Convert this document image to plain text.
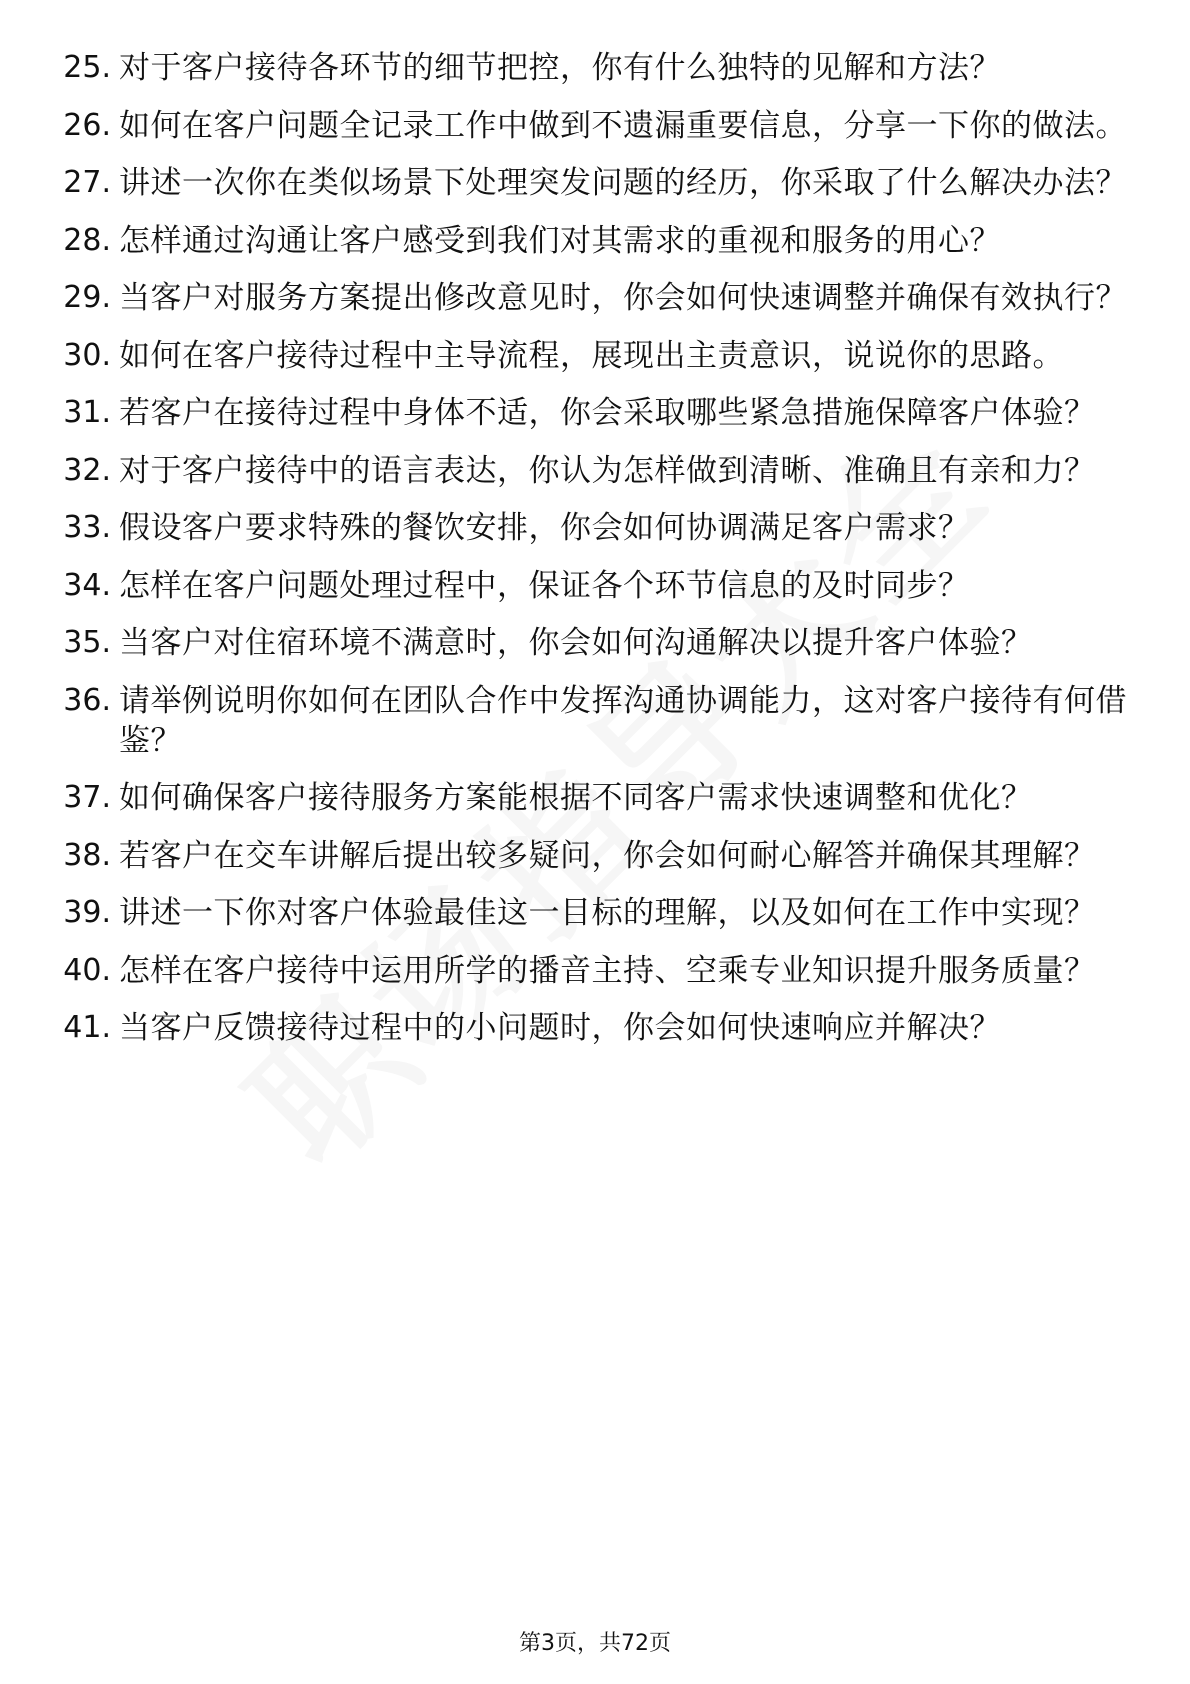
25. 对于客户接待各环节的细节把控，你有什么独特的见解和方法？
26. 如何在客户问题全记录工作中做到不遗漏重要信息，分享一下你的做法。
27. 讲述一次你在类似场景下处理突发问题的经历，你采取了什么解决办法？
28. 怎样通过沟通让客户感受到我们对其需求的重视和服务的用心？
29. 当客户对服务方案提出修改意见时，你会如何快速调整并确保有效执行？
30. 如何在客户接待过程中主导流程，展现出主责意识，说说你的思路。
31. 若客户在接待过程中身体不适，你会采取哪些紧急措施保障客户体验？
32. 对于客户接待中的语言表达，你认为怎样做到清晰、准确且有亲和力？
33. 假设客户要求特殊的餐饮安排，你会如何协调满足客户需求？
34. 怎样在客户问题处理过程中，保证各个环节信息的及时同步？
35. 当客户对住宿环境不满意时，你会如何沟通解决以提升客户体验？
36. 请举例说明你如何在团队合作中发挥沟通协调能力，这对客户接待有何借鉴？
37. 如何确保客户接待服务方案能根据不同客户需求快速调整和优化？
38. 若客户在交车讲解后提出较多疑问，你会如何耐心解答并确保其理解？
39. 讲述一下你对客户体验最佳这一目标的理解，以及如何在工作中实现？
40. 怎样在客户接待中运用所学的播音主持、空乘专业知识提升服务质量？
41. 当客户反馈接待过程中的小问题时，你会如何快速响应并解决？
第3页，共72页
